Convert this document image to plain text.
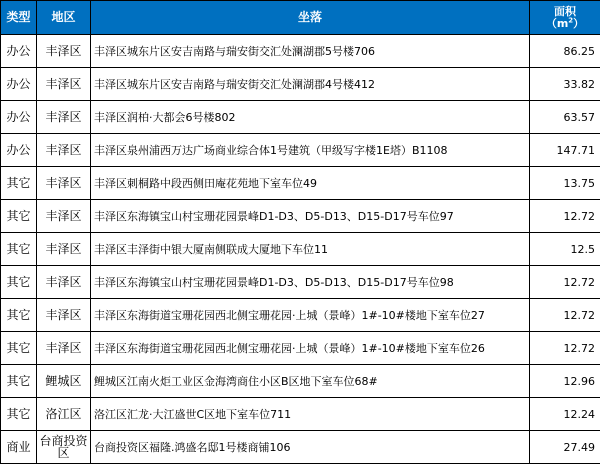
类型	地区	坐落	面积
$(m^2)$
办公	丰泽区	丰泽区城东片区安吉南路与瑞安街交汇处澜湖郡5号楼706	86.25
办公	丰泽区	丰泽区城东片区安吉南路与瑞安街交汇处澜湖郡4号楼412	33.82
办公	丰泽区	丰泽区润柏·大都会6号楼802	63.57
办公	丰泽区	丰泽区泉州浦西万达广场商业综合体1号建筑（甲级写字楼1E塔）B1108	147.71
其它	丰泽区	丰泽区刺桐路中段西侧田庵花苑地下室车位49	13.75
其它	丰泽区	丰泽区东海镇宝山村宝珊花园景峰D1-D3、D5-D13、D15-D17号车位97	12.72
其它	丰泽区	丰泽区丰泽街中银大厦南侧联成大厦地下车位11	12.5
其它	丰泽区	丰泽区东海镇宝山村宝珊花园景峰D1-D3、D5-D13、D15-D17号车位98	12.72
其它	丰泽区	丰泽区东海街道宝珊花园西北侧宝珊花园·上城（景峰）1#-10#楼地下室车位27	12.72
其它	丰泽区	丰泽区东海街道宝珊花园西北侧宝珊花园·上城（景峰）1#-10#楼地下室车位26	12.72
其它	鲤城区	鲤城区江南火炬工业区金海湾商住小区B区地下室车位68#	12.96
其它	洛江区	洛江区汇龙·大江盛世C区地下室车位711	12.24
商业	台商投资区	台商投资区福隆.鸿盛名邸1号楼商铺106	27.49
